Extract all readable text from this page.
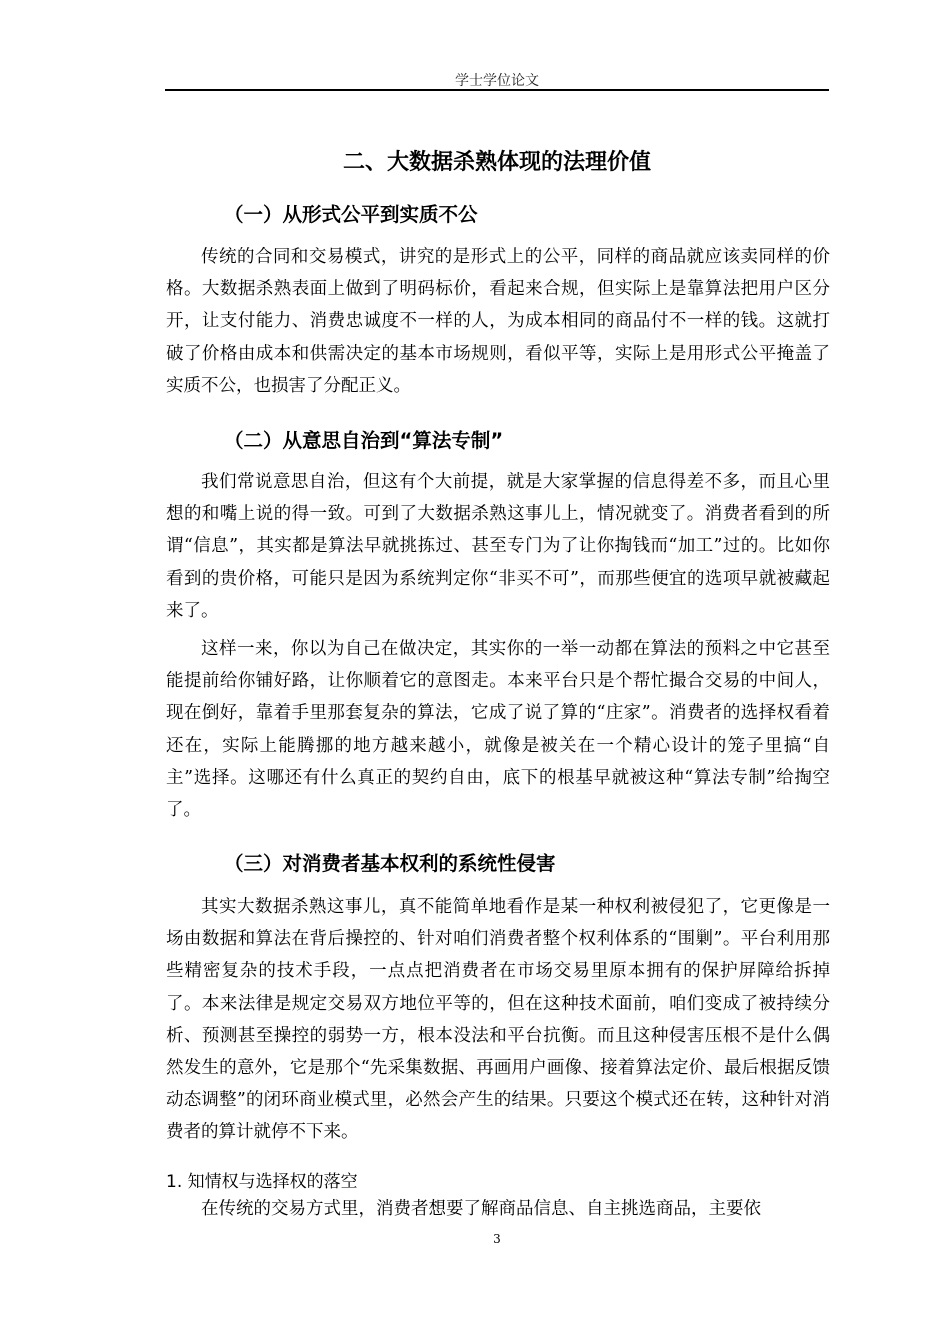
学士学位论文
二、大数据杀熟体现的法理价值
（一）从形式公平到实质不公

传统的合同和交易模式，讲究的是形式上的公平，同样的商品就应该卖同样的价格。大数据杀熟表面上做到了明码标价，看起来合规，但实际上是靠算法把用户区分开，让支付能力、消费忠诚度不一样的人，为成本相同的商品付不一样的钱。这就打破了价格由成本和供需决定的基本市场规则，看似平等，实际上是用形式公平掩盖了实质不公，也损害了分配正义。

（二）从意思自治到“算法专制”

我们常说意思自治，但这有个大前提，就是大家掌握的信息得差不多，而且心里想的和嘴上说的得一致。可到了大数据杀熟这事儿上，情况就变了。消费者看到的所谓“信息”，其实都是算法早就挑拣过、甚至专门为了让你掏钱而“加工”过的。比如你看到的贵价格，可能只是因为系统判定你“非买不可”，而那些便宜的选项早就被藏起来了。

这样一来，你以为自己在做决定，其实你的一举一动都在算法的预料之中它甚至能提前给你铺好路，让你顺着它的意图走。本来平台只是个帮忙撮合交易的中间人，现在倒好，靠着手里那套复杂的算法，它成了说了算的“庄家”。消费者的选择权看着还在，实际上能腾挪的地方越来越小，就像是被关在一个精心设计的笼子里搞“自主”选择。这哪还有什么真正的契约自由，底下的根基早就被这种“算法专制”给掏空了。

（三）对消费者基本权利的系统性侵害

其实大数据杀熟这事儿，真不能简单地看作是某一种权利被侵犯了，它更像是一场由数据和算法在背后操控的、针对咱们消费者整个权利体系的“围剿”。平台利用那些精密复杂的技术手段，一点点把消费者在市场交易里原本拥有的保护屏障给拆掉了。本来法律是规定交易双方地位平等的，但在这种技术面前，咱们变成了被持续分析、预测甚至操控的弱势一方，根本没法和平台抗衡。而且这种侵害压根不是什么偶然发生的意外，它是那个“先采集数据、再画用户画像、接着算法定价、最后根据反馈动态调整”的闭环商业模式里，必然会产生的结果。只要这个模式还在转，这种针对消费者的算计就停不下来。

1. 知情权与选择权的落空

在传统的交易方式里，消费者想要了解商品信息、自主挑选商品，主要依

3
